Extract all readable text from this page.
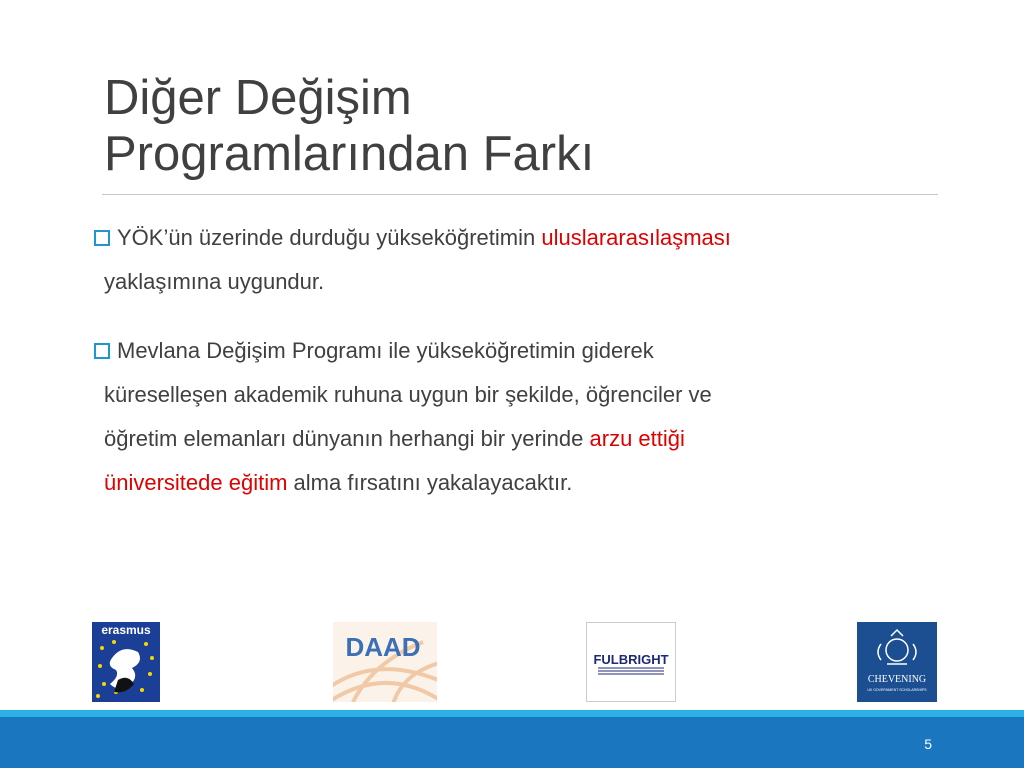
Diğer Değişim
Programlarından Farkı
YÖK’ün üzerinde durduğu yükseköğretimin uluslararasılaşması
yaklaşımına uygundur.
Mevlana Değişim Programı ile yükseköğretimin giderek
küreselleşen akademik ruhuna uygun bir şekilde, öğrenciler ve
öğretim elemanları dünyanın herhangi bir yerinde arzu ettiği
üniversitede eğitim alma fırsatını yakalayacaktır.
erasmus
DAAD	FULBRIGHT
CHEVENING
UK GOVERNMENT SCHOLARSHIPS
5
